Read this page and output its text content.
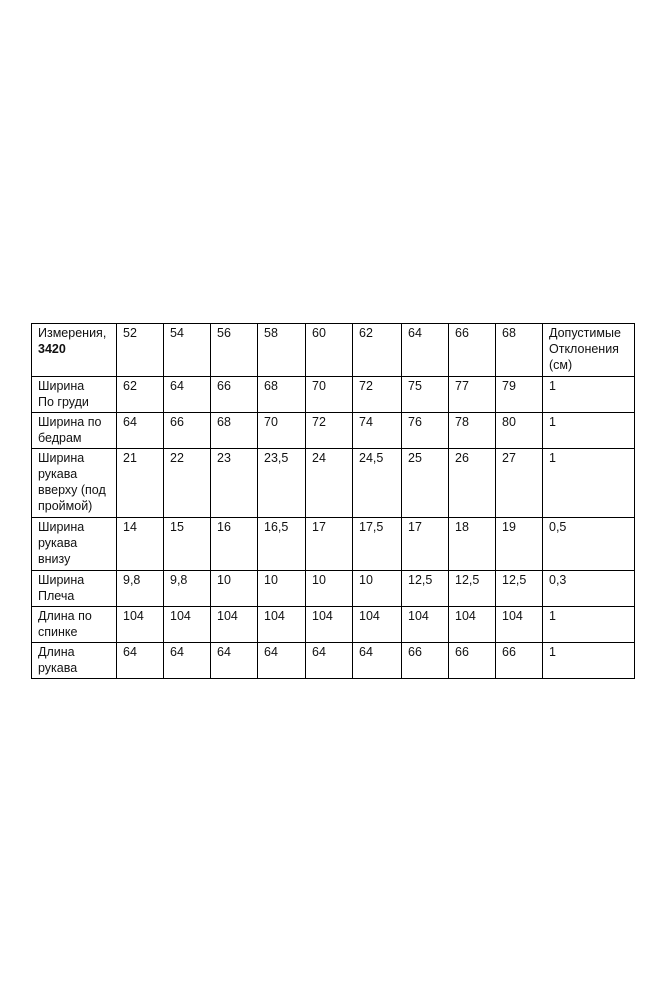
Измерения,
3420	52	54	56	58	60	62	64	66	68	Допустимые
Отклонения
(см)

Ширина
По груди	62	64	66	68	70	72	75	77	79	1

Ширина по
бедрам	64	66	68	70	72	74	76	78	80	1

Ширина
рукава
вверху (под
проймой)	21	22	23	23,5	24	24,5	25	26	27	1

Ширина
рукава
внизу	14	15	16	16,5	17	17,5	17	18	19	0,5

Ширина
Плеча	9,8	9,8	10	10	10	10	12,5	12,5	12,5	0,3

Длина по
спинке	104	104	104	104	104	104	104	104	104	1

Длина
рукава	64	64	64	64	64	64	66	66	66	1
